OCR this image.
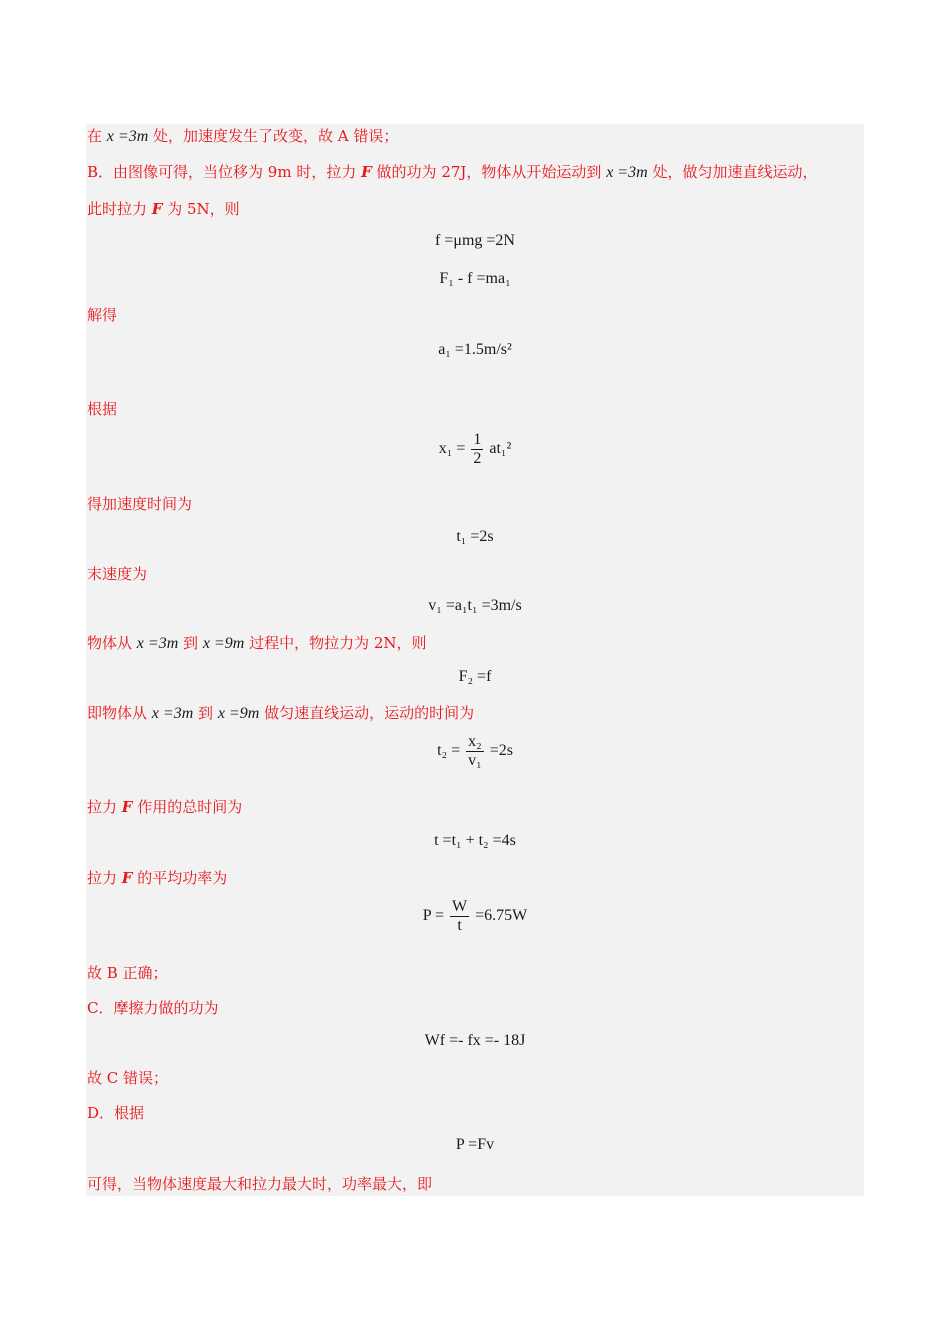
在 x =3m 处，加速度发生了改变，故 A 错误；
B．由图像可得，当位移为 9m 时，拉力 F 做的功为 27J，物体从开始运动到 x =3m 处，做匀加速直线运动，
此时拉力 F 为 5N，则
f =μmg =2N
F₁ - f =ma₁
解得
a₁ =1.5m/s²
根据
$x_1 = \frac{1}{2} at_1^2$
得加速度时间为
t₁ =2s
末速度为
v₁ =a₁t₁ =3m/s
物体从 x =3m 到 x =9m 过程中，物拉力为 2N，则
F₂ =f
即物体从 x =3m 到 x =9m 做匀速直线运动，运动的时间为
$t_2 = \frac{\text{x₂}}{\text{v₁}} =2s$
拉力 F 作用的总时间为
t =t₁ + t₂ =4s
拉力 F 的平均功率为
$P = \frac{W}{t} =6.75W$
故 B 正确；
C．摩擦力做的功为
Wf =- fx =- 18J
故 C 错误；
D．根据
P =Fv
可得，当物体速度最大和拉力最大时，功率最大，即
